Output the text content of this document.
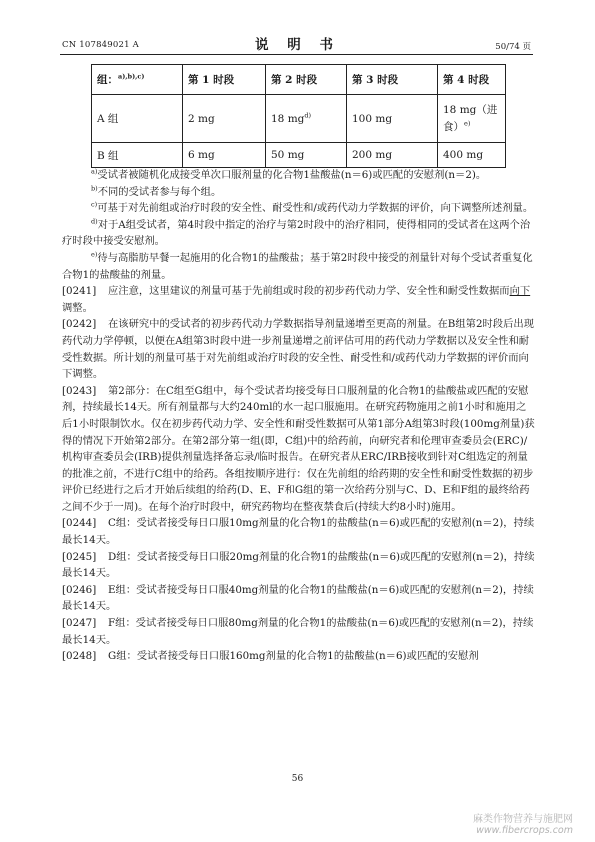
CN 107849021 A	说 明 书	50/74 页
组：$^{a),b),c)}$	第 1 时段	第 2 时段	第 3 时段	第 4 时段
A 组	2 mg	18 $mg^{d)}$	100 mg	18 mg（进食）$^{e)}$
B 组	6 mg	50 mg	200 mg	400 mg

$^{a)}$受试者被随机化成接受单次口服剂量的化合物1盐酸盐(n＝6)或匹配的安慰剂(n＝2)。

$^{b)}$不同的受试者参与每个组。

$^{c)}$可基于对先前组或治疗时段的安全性、耐受性和/或药代动力学数据的评价，向下调整所述剂量。

$^{d)}$对于A组受试者，第4时段中指定的治疗与第2时段中的治疗相同，使得相同的受试者在这两个治疗时段中接受安慰剂。

$^{e)}$待与高脂肪早餐一起施用的化合物1的盐酸盐；基于第2时段中接受的剂量针对每个受试者重复化合物1的盐酸盐的剂量。

[0241] 应注意，这里建议的剂量可基于先前组或时段的初步药代动力学、安全性和耐受性数据而向下调整。

[0242] 在该研究中的受试者的初步药代动力学数据指导剂量递增至更高的剂量。在B组第2时段后出现药代动力学停顿，以便在A组第3时段中进一步剂量递增之前评估可用的药代动力学数据以及安全性和耐受性数据。所计划的剂量可基于对先前组或治疗时段的安全性、耐受性和/或药代动力学数据的评价而向下调整。

[0243] 第2部分：在C组至G组中，每个受试者均接受每日口服剂量的化合物1的盐酸盐或匹配的安慰剂，持续最长14天。所有剂量都与大约240ml的水一起口服施用。在研究药物施用之前1小时和施用之后1小时限制饮水。仅在初步药代动力学、安全性和耐受性数据可从第1部分A组第3时段(100mg剂量)获得的情况下开始第2部分。在第2部分第一组(即，C组)中的给药前，向研究者和伦理审查委员会(ERC)/机构审查委员会(IRB)提供剂量选择备忘录/临时报告。在研究者从ERC/IRB接收到针对C组选定的剂量的批准之前，不进行C组中的给药。各组按顺序进行：仅在先前组的给药期的安全性和耐受性数据的初步评价已经进行之后才开始后续组的给药(D、E、F和G组的第一次给药分别与C、D、E和F组的最终给药之间不少于一周)。在每个治疗时段中，研究药物均在整夜禁食后(持续大约8小时)施用。

[0244] C组：受试者接受每日口服10mg剂量的化合物1的盐酸盐(n＝6)或匹配的安慰剂(n＝2)，持续最长14天。

[0245] D组：受试者接受每日口服20mg剂量的化合物1的盐酸盐(n＝6)或匹配的安慰剂(n＝2)，持续最长14天。

[0246] E组：受试者接受每日口服40mg剂量的化合物1的盐酸盐(n＝6)或匹配的安慰剂(n＝2)，持续最长14天。

[0247] F组：受试者接受每日口服80mg剂量的化合物1的盐酸盐(n＝6)或匹配的安慰剂(n＝2)，持续最长14天。

[0248] G组：受试者接受每日口服160mg剂量的化合物1的盐酸盐(n＝6)或匹配的安慰剂

56
麻类作物营养与施肥网
www.fibercrops.com
